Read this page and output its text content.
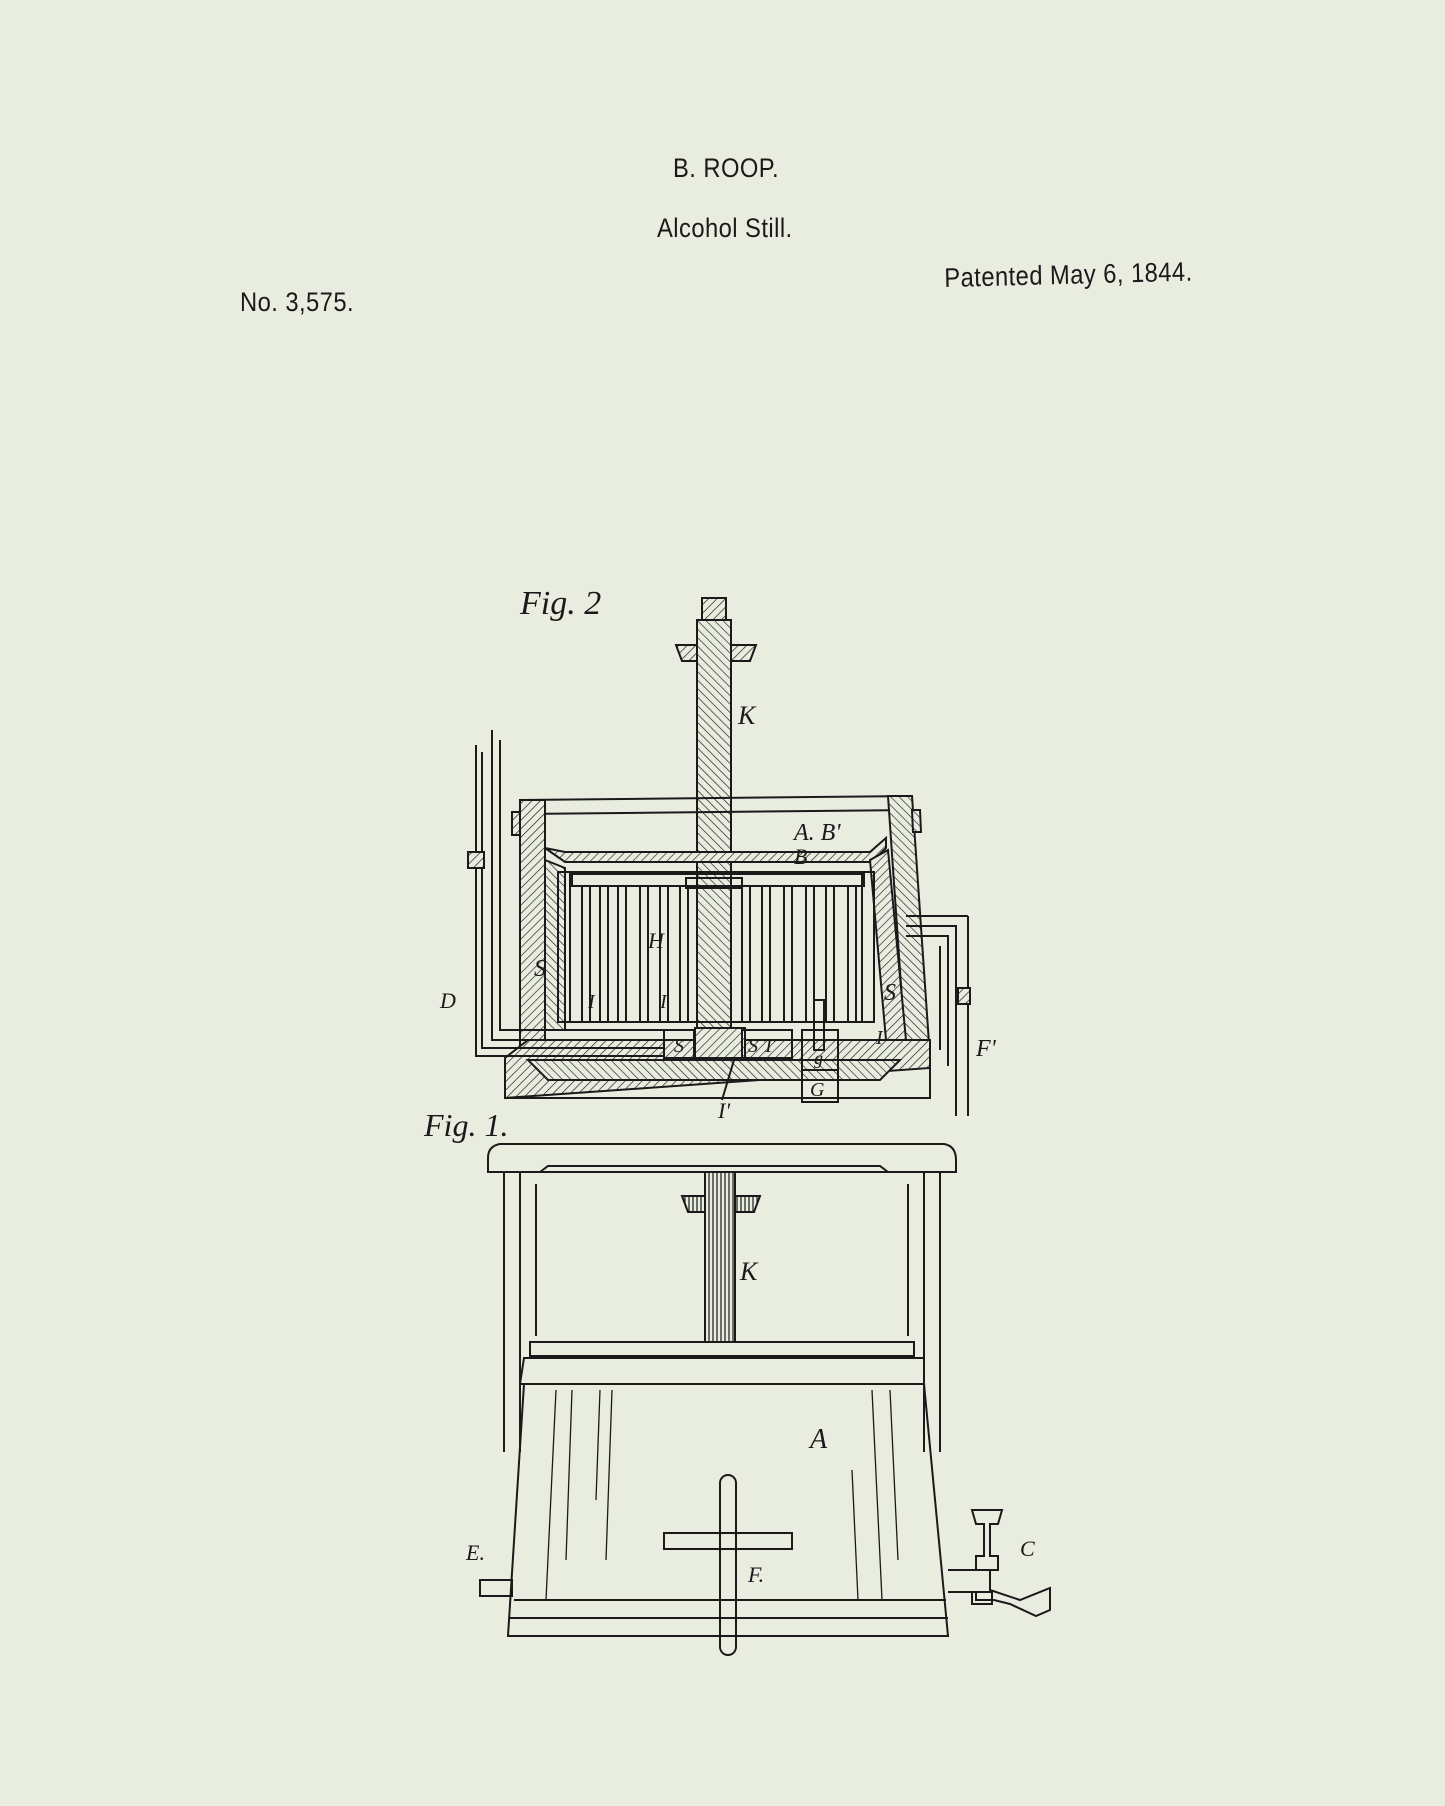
B. ROOP.
Alcohol Still.
No. 3,575.
Patented May 6, 1844.
Fig. 2
K
A. B'
B
H
S
S
D	I	I
I
S	S T
g
G
F'
I'
Fig. 1.
K
A
E.	C
F.
